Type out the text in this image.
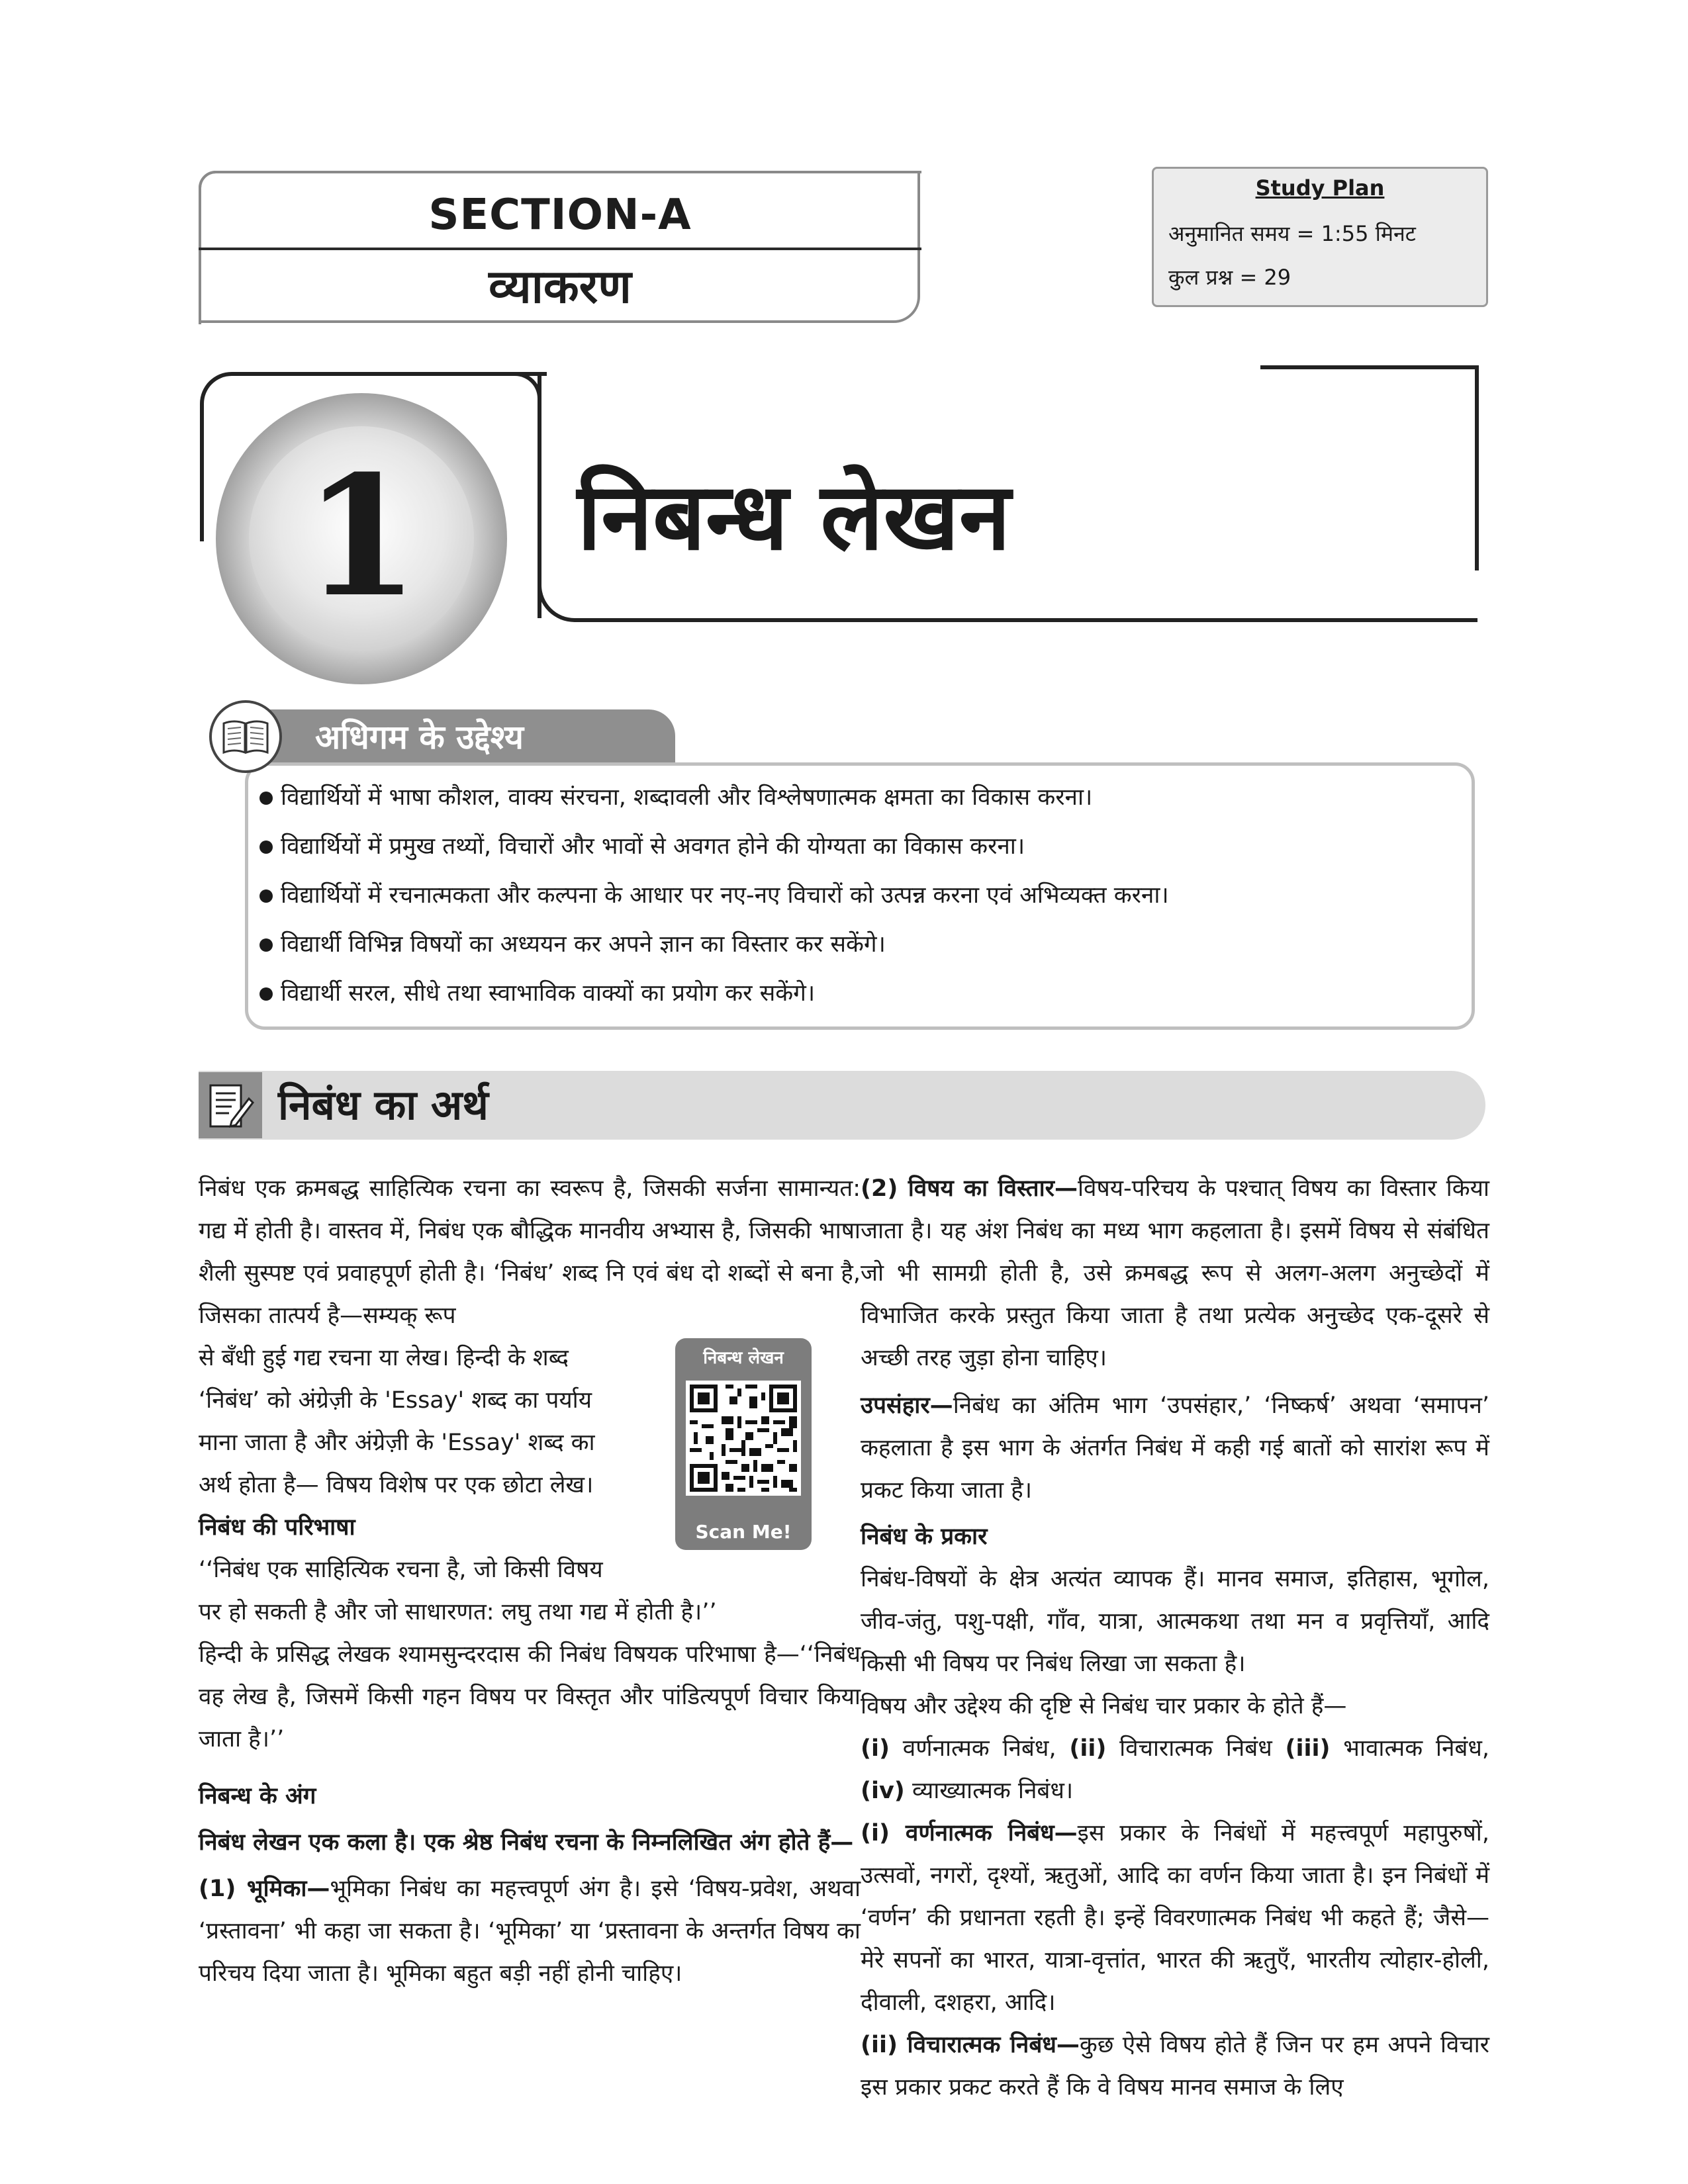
SECTION-A
व्याकरण
Study Plan
अनुमानित समय = 1:55 मिनट
कुल प्रश्न = 29
1	निबन्ध लेखन
अधिगम के उद्देश्य
विद्यार्थियों में भाषा कौशल, वाक्य संरचना, शब्दावली और विश्लेषणात्मक क्षमता का विकास करना।
विद्यार्थियों में प्रमुख तथ्यों, विचारों और भावों से अवगत होने की योग्यता का विकास करना।
विद्यार्थियों में रचनात्मकता और कल्पना के आधार पर नए-नए विचारों को उत्पन्न करना एवं अभिव्यक्त करना।
विद्यार्थी विभिन्न विषयों का अध्ययन कर अपने ज्ञान का विस्तार कर सकेंगे।
विद्यार्थी सरल, सीधे तथा स्वाभाविक वाक्यों का प्रयोग कर सकेंगे।
निबंध का अर्थ
निबन्ध लेखन
Scan Me!

निबंध एक क्रमबद्ध साहित्यिक रचना का स्वरूप है, जिसकी सर्जना सामान्यत: गद्य में होती है। वास्तव में, निबंध एक बौद्धिक मानवीय अभ्यास है, जिसकी भाषा शैली सुस्पष्ट एवं प्रवाहपूर्ण होती है। ‘निबंध’ शब्द नि एवं बंध दो शब्दों से बना है, जिसका तात्पर्य है—सम्यक् रूप

से बँधी हुई गद्य रचना या लेख। हिन्दी के शब्द
‘निबंध’ को अंग्रेज़ी के 'Essay' शब्द का पर्याय
माना जाता है और अंग्रेज़ी के 'Essay' शब्द का
अर्थ होता है— विषय विशेष पर एक छोटा लेख।
निबंध की परिभाषा
‘‘निबंध एक साहित्यिक रचना है, जो किसी विषय

पर हो सकती है और जो साधारणत: लघु तथा गद्य में होती है।’’

हिन्दी के प्रसिद्ध लेखक श्यामसुन्दरदास की निबंध विषयक परिभाषा है—‘‘निबंध वह लेख है, जिसमें किसी गहन विषय पर विस्तृत और पांडित्यपूर्ण विचार किया जाता है।’’

निबन्ध के अंग

निबंध लेखन एक कला है। एक श्रेष्ठ निबंध रचना के निम्नलिखित अंग होते हैं—

(1) भूमिका—भूमिका निबंध का महत्त्वपूर्ण अंग है। इसे ‘विषय-प्रवेश, अथवा ‘प्रस्तावना’ भी कहा जा सकता है। ‘भूमिका’ या ‘प्रस्तावना के अन्तर्गत विषय का परिचय दिया जाता है। भूमिका बहुत बड़ी नहीं होनी चाहिए।

(2) विषय का विस्तार—विषय-परिचय के पश्चात् विषय का विस्तार किया जाता है। यह अंश निबंध का मध्य भाग कहलाता है। इसमें विषय से संबंधित जो भी सामग्री होती है, उसे क्रमबद्ध रूप से अलग-अलग अनुच्छेदों में विभाजित करके प्रस्तुत किया जाता है तथा प्रत्येक अनुच्छेद एक-दूसरे से अच्छी तरह जुड़ा होना चाहिए।

उपसंहार—निबंध का अंतिम भाग ‘उपसंहार,’ ‘निष्कर्ष’ अथवा ‘समापन’ कहलाता है इस भाग के अंतर्गत निबंध में कही गई बातों को सारांश रूप में प्रकट किया जाता है।

निबंध के प्रकार

निबंध-विषयों के क्षेत्र अत्यंत व्यापक हैं। मानव समाज, इतिहास, भूगोल, जीव-जंतु, पशु-पक्षी, गाँव, यात्रा, आत्मकथा तथा मन व प्रवृत्तियाँ, आदि किसी भी विषय पर निबंध लिखा जा सकता है।

विषय और उद्देश्य की दृष्टि से निबंध चार प्रकार के होते हैं—

(i) वर्णनात्मक निबंध, (ii) विचारात्मक निबंध (iii) भावात्मक निबंध, (iv) व्याख्यात्मक निबंध।

(i) वर्णनात्मक निबंध—इस प्रकार के निबंधों में महत्त्वपूर्ण महापुरुषों, उत्सवों, नगरों, दृश्यों, ऋतुओं, आदि का वर्णन किया जाता है। इन निबंधों में ‘वर्णन’ की प्रधानता रहती है। इन्हें विवरणात्मक निबंध भी कहते हैं; जैसे—मेरे सपनों का भारत, यात्रा-वृत्तांत, भारत की ऋतुएँ, भारतीय त्योहार-होली, दीवाली, दशहरा, आदि।

(ii) विचारात्मक निबंध—कुछ ऐसे विषय होते हैं जिन पर हम अपने विचार इस प्रकार प्रकट करते हैं कि वे विषय मानव समाज के लिए
